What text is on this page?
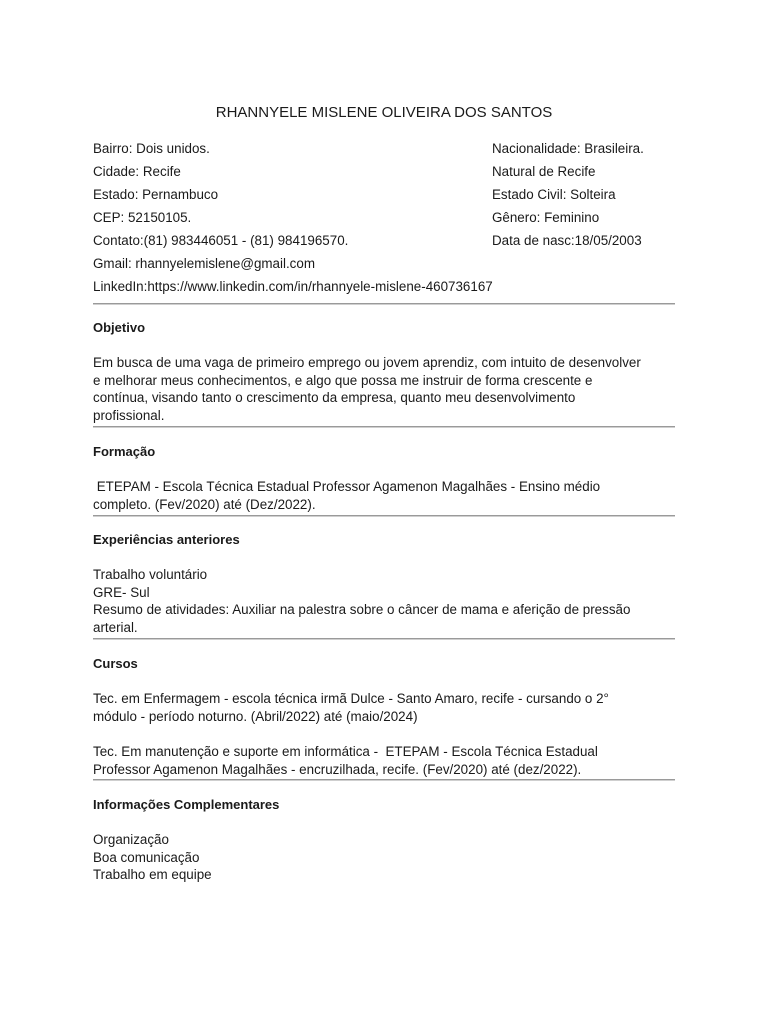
RHANNYELE MISLENE OLIVEIRA DOS SANTOS
Bairro: Dois unidos.
Cidade: Recife
Estado: Pernambuco
CEP: 52150105.
Contato:(81) 983446051 - (81) 984196570.
Gmail: rhannyelemislene@gmail.com
LinkedIn:https://www.linkedin.com/in/rhannyele-mislene-460736167
Nacionalidade: Brasileira.
Natural de Recife
Estado Civil: Solteira
Gênero: Feminino
Data de nasc:18/05/2003
Objetivo
Em busca de uma vaga de primeiro emprego ou jovem aprendiz, com intuito de desenvolver
e melhorar meus conhecimentos, e algo que possa me instruir de forma crescente e
contínua, visando tanto o crescimento da empresa, quanto meu desenvolvimento
profissional.
Formação
ETEPAM - Escola Técnica Estadual Professor Agamenon Magalhães - Ensino médio
completo. (Fev/2020) até (Dez/2022).
Experiências anteriores
Trabalho voluntário
GRE- Sul
Resumo de atividades: Auxiliar na palestra sobre o câncer de mama e aferição de pressão
arterial.
Cursos
Tec. em Enfermagem - escola técnica irmã Dulce - Santo Amaro, recife - cursando o 2°
módulo - período noturno. (Abril/2022) até (maio/2024)
Tec. Em manutenção e suporte em informática -  ETEPAM - Escola Técnica Estadual
Professor Agamenon Magalhães - encruzilhada, recife. (Fev/2020) até (dez/2022).
Informações Complementares
Organização
Boa comunicação
Trabalho em equipe
